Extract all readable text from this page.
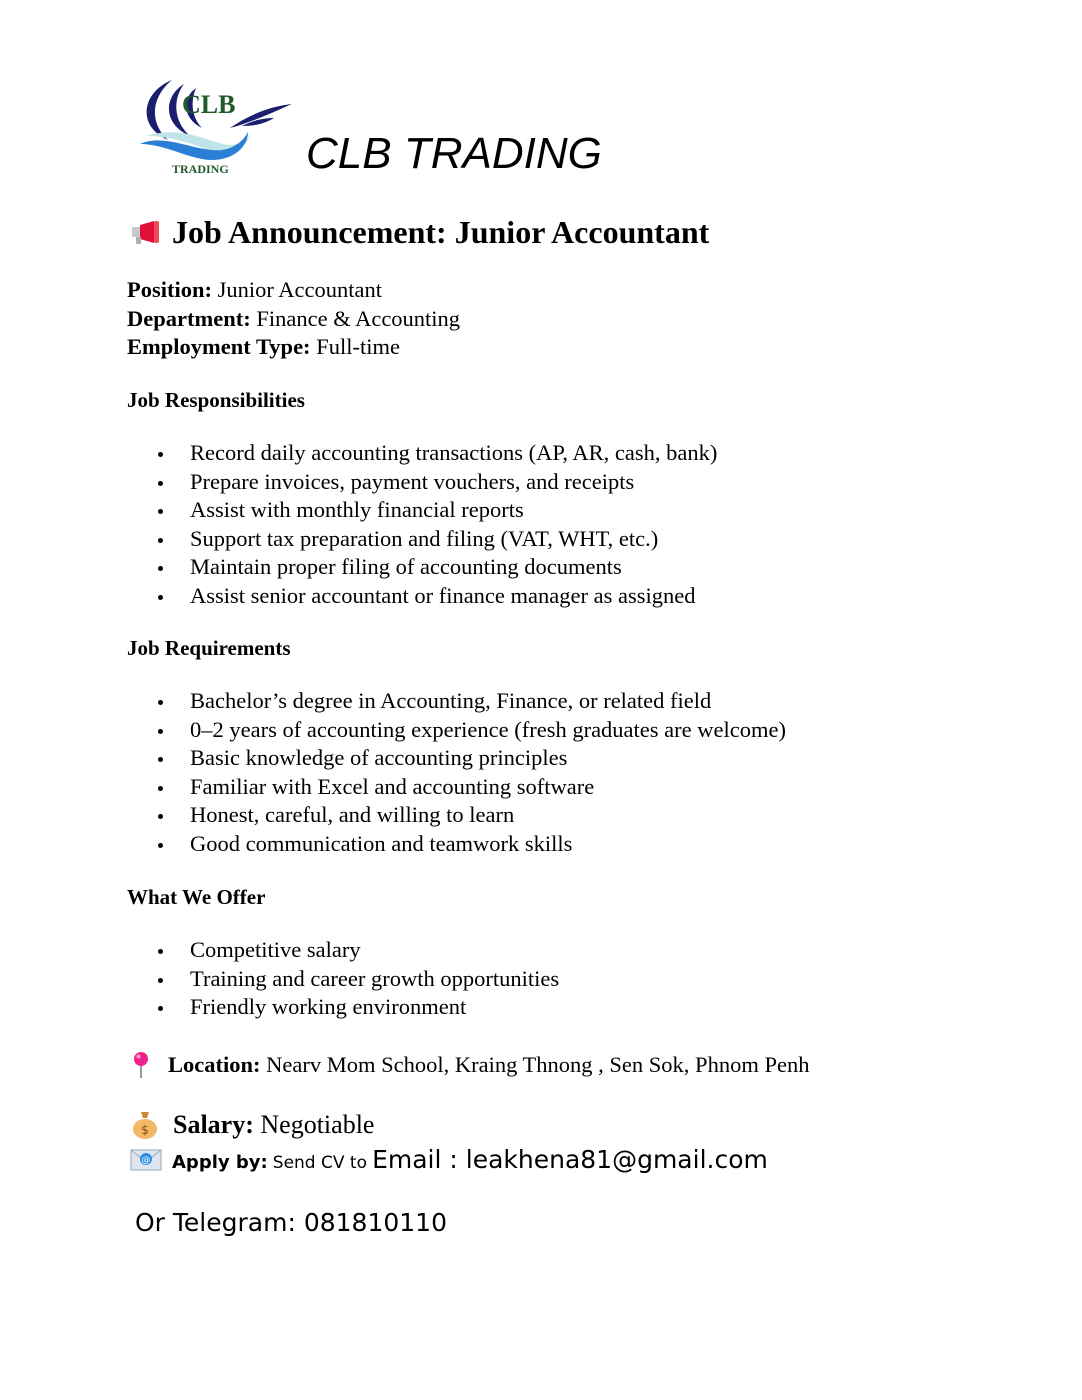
CLB
TRADING CLB TRADING
Job Announcement: Junior Accountant
Position: Junior Accountant
Department: Finance & Accounting
Employment Type: Full-time
Job Responsibilities
Record daily accounting transactions (AP, AR, cash, bank)
Prepare invoices, payment vouchers, and receipts
Assist with monthly financial reports
Support tax preparation and filing (VAT, WHT, etc.)
Maintain proper filing of accounting documents
Assist senior accountant or finance manager as assigned
Job Requirements
Bachelor’s degree in Accounting, Finance, or related field
0–2 years of accounting experience (fresh graduates are welcome)
Basic knowledge of accounting principles
Familiar with Excel and accounting software
Honest, careful, and willing to learn
Good communication and teamwork skills
What We Offer
Competitive salary
Training and career growth opportunities
Friendly working environment
Location:
Nearv Mom School, Kraing Thnong , Sen Sok, Phnom Penh
$ Salary:
Negotiable
@ Apply by:
Send CV to
Email : leakhena81@gmail.com
Or Telegram: 081810110
